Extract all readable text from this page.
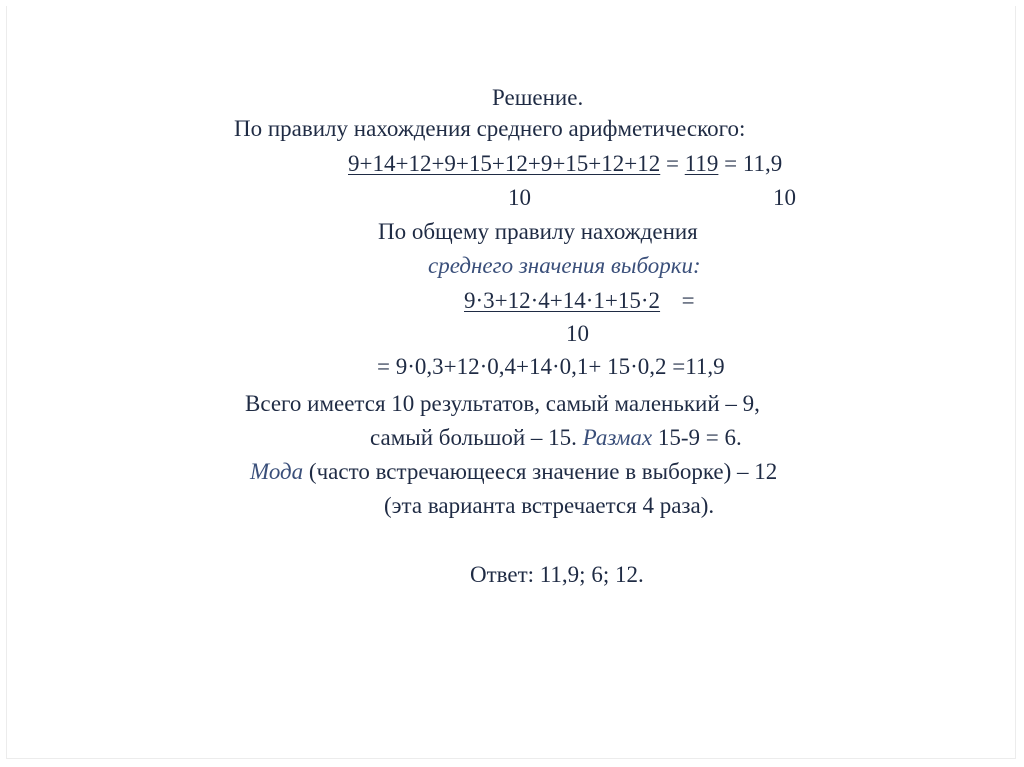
Решение.
По правилу нахождения среднего арифметического:
9+14+12+9+15+12+9+15+12+12 = 119 = 11,9
10	10
По общему правилу нахождения
среднего значения выборки:
9·3+12·4+14·1+15·2 =
10
= 9·0,3+12·0,4+14·0,1+ 15·0,2 =11,9
Всего имеется 10 результатов, самый маленький – 9,
самый большой – 15. Размах 15-9 = 6.
Мода (часто встречающееся значение в выборке) – 12
(эта варианта встречается 4 раза).
Ответ: 11,9; 6; 12.
